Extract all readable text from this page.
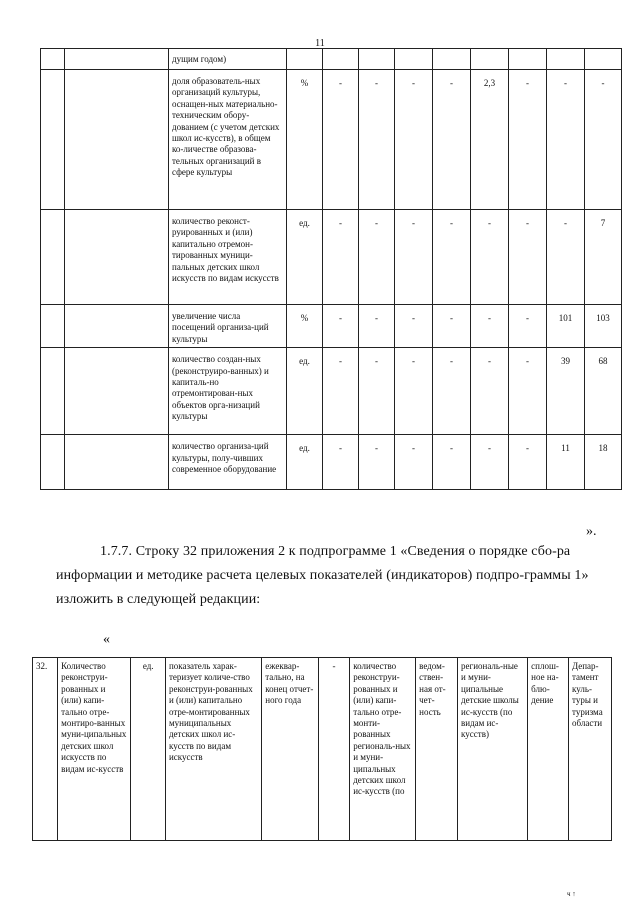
11
		дущим годом)									
		доля образователь-ных организаций культуры, оснащен-ных материально-техническим обору-дованием (с учетом детских школ ис-кусств), в общем ко-личестве образова-тельных организаций в сфере культуры	%	-	-	-	-	2,3	-	-	-
		количество реконст-руированных и (или) капитально отремон-тированных муници-пальных детских школ искусств по видам искусств	ед.	-	-	-	-	-	-	-	7
		увеличение числа посещений организа-ций культуры	%	-	-	-	-	-	-	101	103
		количество создан-ных (реконструиро-ванных) и капиталь-но отремонтирован-ных объектов орга-низаций культуры	ед.	-	-	-	-	-	-	39	68
		количество организа-ций культуры, полу-чивших современное оборудование	ед.	-	-	-	-	-	-	11	18
».
1.7.7. Строку 32 приложения 2 к подпрограмме 1 «Сведения о порядке сбо-ра информации и методике расчета целевых показателей (индикаторов) подпро-граммы 1» изложить в следующей редакции:
«
32.	Количество реконструи-рованных и (или) капи-тально отре-монтиро-ванных муни-ципальных детских школ искусств по видам ис-кусств	ед.	показатель харак-теризует количе-ство реконструи-рованных и (или) капитально отре-монтированных муниципальных детских школ ис-кусств по видам искусств	ежеквар-тально, на конец отчет-ного года	-	количество реконструи-рованных и (или) капи-тально отре-монти-рованных региональ-ных и муни-ципальных детских школ ис-кусств (по	ведом-ствен-ная от-чет-ность	региональ-ные и муни-ципальные детские школы ис-кусств (по видам ис-кусств)	сплош-ное на-блю-дение	Депар-тамент куль-туры и туризма области
ч ↑
